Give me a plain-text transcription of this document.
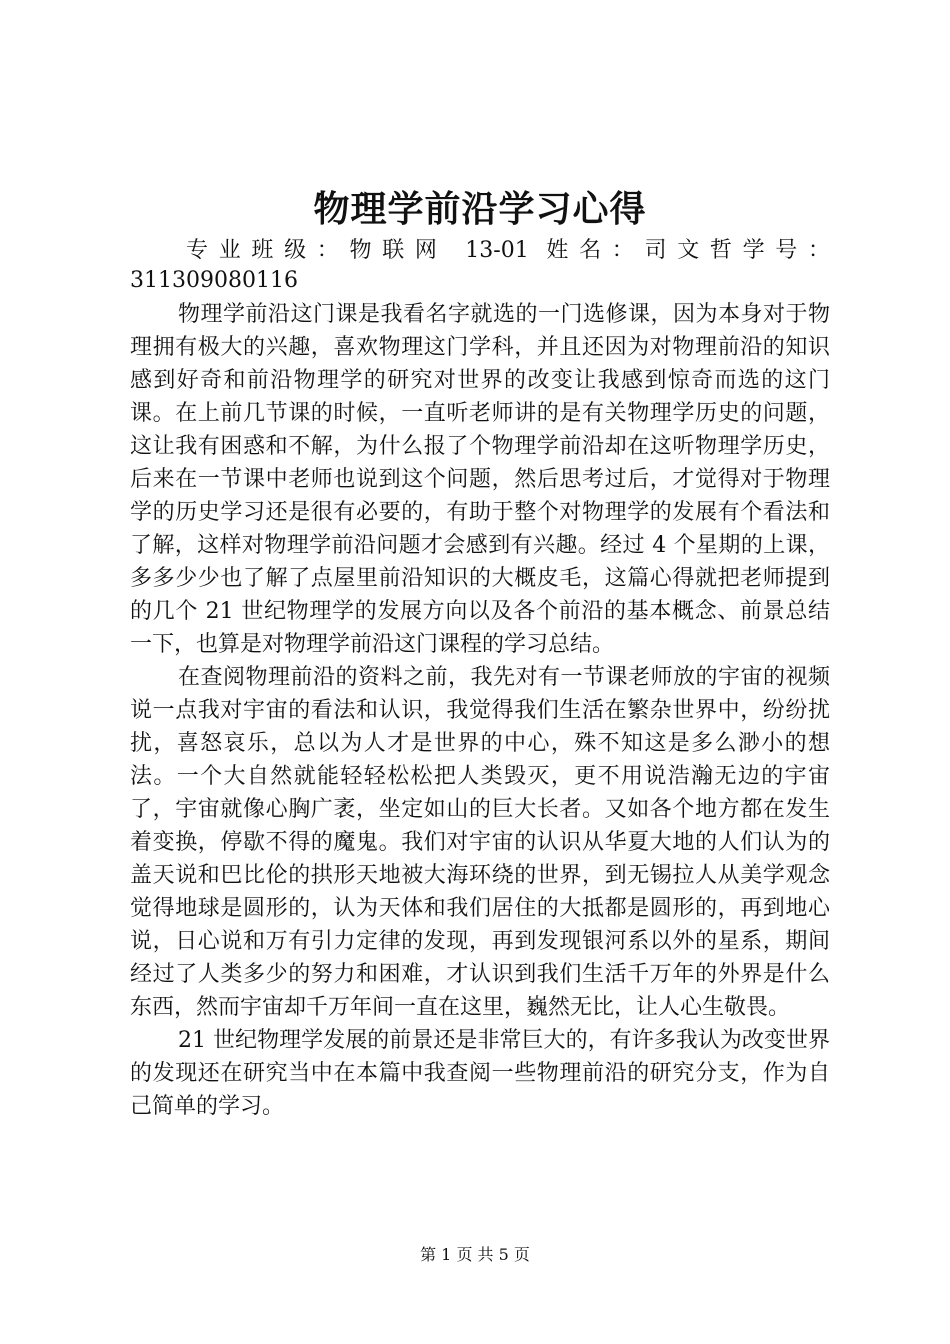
物理学前沿学习心得

专业班级：物联网 13-01 姓名：司文哲学号：

311309080116

物理学前沿这门课是我看名字就选的一门选修课，因为本身对于物理拥有极大的兴趣，喜欢物理这门学科，并且还因为对物理前沿的知识感到好奇和前沿物理学的研究对世界的改变让我感到惊奇而选的这门课。在上前几节课的时候，一直听老师讲的是有关物理学历史的问题，这让我有困惑和不解，为什么报了个物理学前沿却在这听物理学历史，后来在一节课中老师也说到这个问题，然后思考过后，才觉得对于物理学的历史学习还是很有必要的，有助于整个对物理学的发展有个看法和了解，这样对物理学前沿问题才会感到有兴趣。经过 4 个星期的上课，多多少少也了解了点屋里前沿知识的大概皮毛，这篇心得就把老师提到的几个 21 世纪物理学的发展方向以及各个前沿的基本概念、前景总结一下，也算是对物理学前沿这门课程的学习总结。

在查阅物理前沿的资料之前，我先对有一节课老师放的宇宙的视频说一点我对宇宙的看法和认识，我觉得我们生活在繁杂世界中，纷纷扰扰，喜怒哀乐，总以为人才是世界的中心，殊不知这是多么渺小的想法。一个大自然就能轻轻松松把人类毁灭，更不用说浩瀚无边的宇宙了，宇宙就像心胸广袤，坐定如山的巨大长者。又如各个地方都在发生着变换，停歇不得的魔鬼。我们对宇宙的认识从华夏大地的人们认为的盖天说和巴比伦的拱形天地被大海环绕的世界，到无锡拉人从美学观念觉得地球是圆形的，认为天体和我们居住的大抵都是圆形的，再到地心说，日心说和万有引力定律的发现，再到发现银河系以外的星系，期间经过了人类多少的努力和困难，才认识到我们生活千万年的外界是什么东西，然而宇宙却千万年间一直在这里，巍然无比，让人心生敬畏。

21 世纪物理学发展的前景还是非常巨大的，有许多我认为改变世界的发现还在研究当中在本篇中我查阅一些物理前沿的研究分支，作为自己简单的学习。

第 1 页 共 5 页
